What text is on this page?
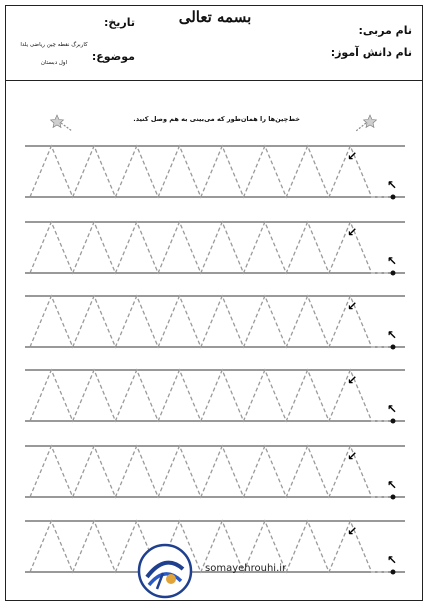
بسمه تعالی
نام مربی:
نام دانش آموز:
تاریخ:
موضوع:
کاربرگ نقطه چین ریاضی یلدا
اول دبستان
خط‌چین‌ها را همان‌طور که می‌بینی به هم وصل کنید.
↙
↖
↙
↖
↙
↖
↙
↖
↙
↖
↙
↖
somayehrouhi.ir
